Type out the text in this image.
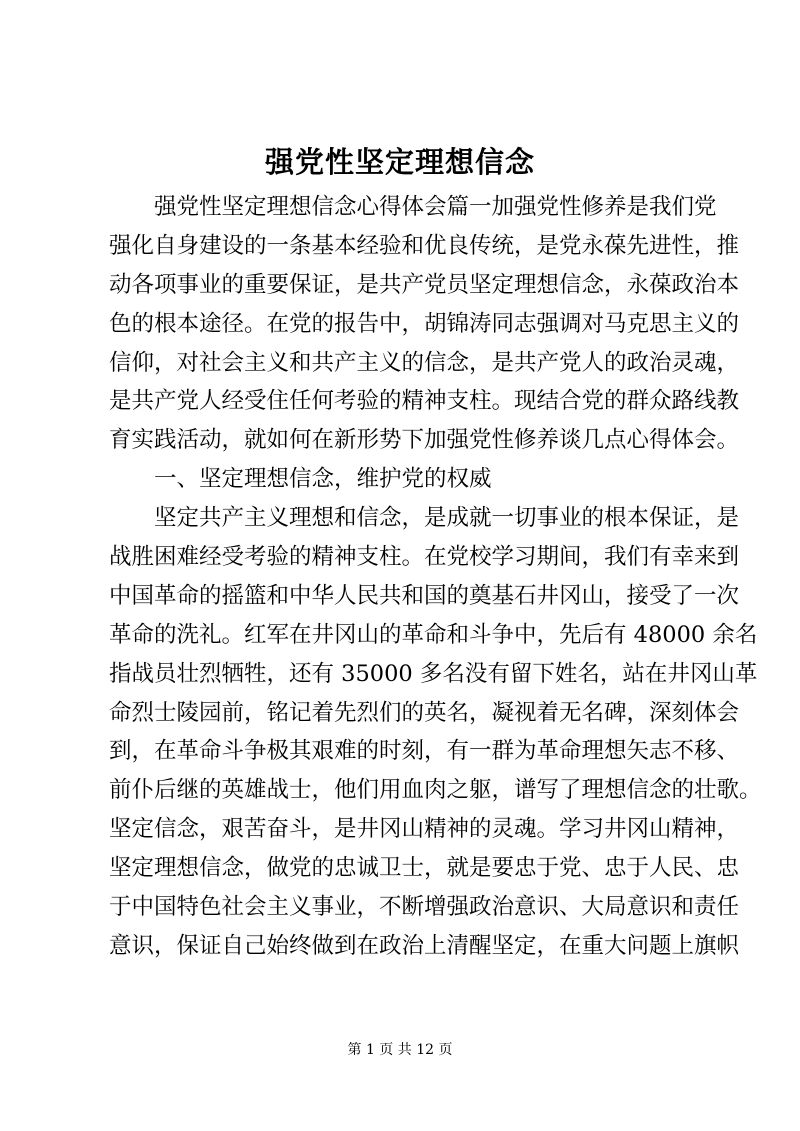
强党性坚定理想信念
强党性坚定理想信念心得体会篇一加强党性修养是我们党
强化自身建设的一条基本经验和优良传统，是党永葆先进性，推
动各项事业的重要保证，是共产党员坚定理想信念，永葆政治本
色的根本途径。在党的报告中，胡锦涛同志强调对马克思主义的
信仰，对社会主义和共产主义的信念，是共产党人的政治灵魂，
是共产党人经受住任何考验的精神支柱。现结合党的群众路线教
育实践活动，就如何在新形势下加强党性修养谈几点心得体会。
一、坚定理想信念，维护党的权威
坚定共产主义理想和信念，是成就一切事业的根本保证，是
战胜困难经受考验的精神支柱。在党校学习期间，我们有幸来到
中国革命的摇篮和中华人民共和国的奠基石井冈山，接受了一次
革命的洗礼。红军在井冈山的革命和斗争中，先后有 48000 余名
指战员壮烈牺牲，还有 35000 多名没有留下姓名，站在井冈山革
命烈士陵园前，铭记着先烈们的英名，凝视着无名碑，深刻体会
到，在革命斗争极其艰难的时刻，有一群为革命理想矢志不移、
前仆后继的英雄战士，他们用血肉之躯，谱写了理想信念的壮歌。
坚定信念，艰苦奋斗，是井冈山精神的灵魂。学习井冈山精神，
坚定理想信念，做党的忠诚卫士，就是要忠于党、忠于人民、忠
于中国特色社会主义事业，不断增强政治意识、大局意识和责任
意识，保证自己始终做到在政治上清醒坚定，在重大问题上旗帜
第 1 页 共 12 页
